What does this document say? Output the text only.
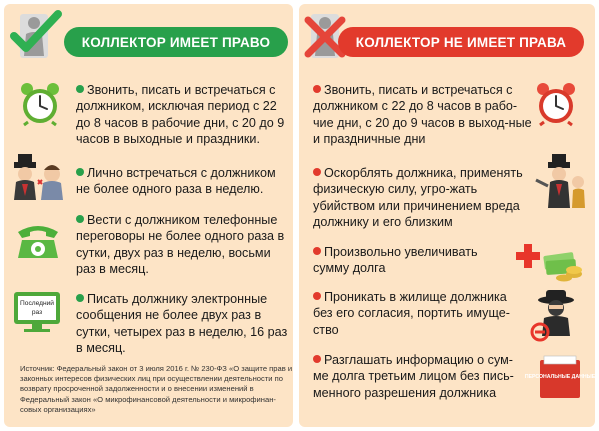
КОЛЛЕКТОР ИМЕЕТ ПРАВО	КОЛЛЕКТОР НЕ ИМЕЕТ ПРАВА
Последний
раз
Звонить, писать и встречаться с должником, исключая период с 22 до 8 часов в рабочие дни, с 20 до 9 часов в выходные и праздники.
Лично встречаться с должником не более одного раза в неделю.
Вести с должником телефонные переговоры не более одного раза в сутки, двух раз в неделю, восьми раз в месяц.
Писать должнику электронные сообщения не более двух раз в сутки, четырех раз в неделю, 16 раз в месяц.
Источник: Федеральный закон от 3 июля 2016 г. № 230-ФЗ «О защите прав и законных интересов физических лиц при осуществлении деятельности по возврату просроченной задолженности и о внесении изменений в Федеральный закон «О микрофинансовой деятельности и микрофинан-совых организациях»
Звонить, писать и встречаться с должником с 22 до 8 часов в рабо-чие дни, с 20 до 9 часов в выход-ные и праздничные дни
Оскорблять должника, применять физическую силу, угро-жать убийством или причинением вреда должнику и его близким
Произвольно увеличивать сумму долга
Проникать в жилище должника без его согласия, портить имуще-ство
Разглашать информацию о сум-ме долга третьим лицом без пись-менного разрешения должника
ПЕРСОНАЛЬНЫЕ ДАННЫЕ
